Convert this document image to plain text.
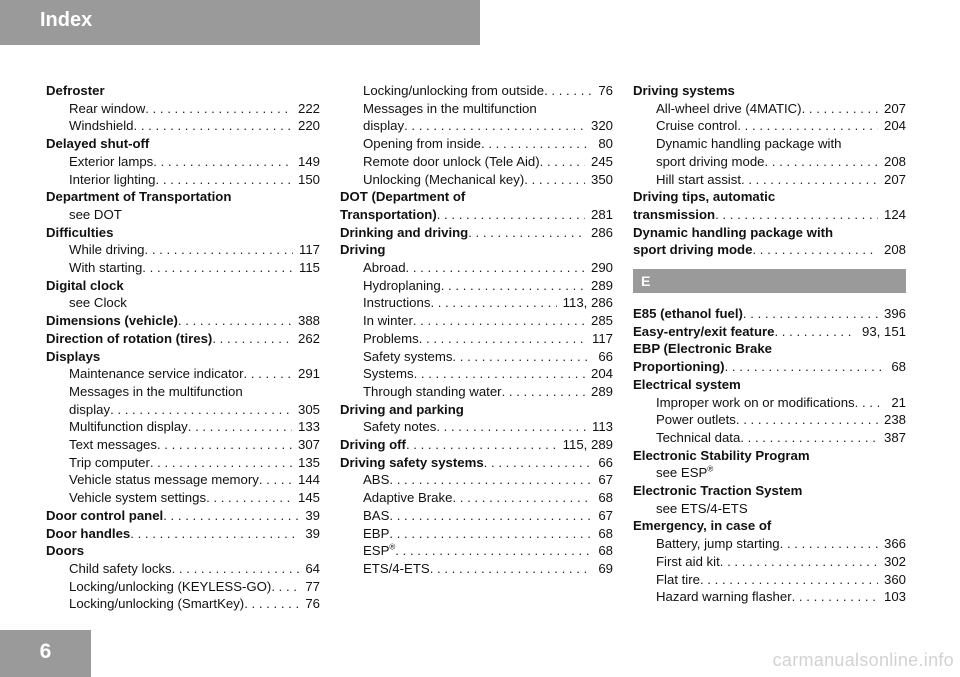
Index
Defroster
Rear window . . .	222
Windshield . . .	220
Delayed shut-off
Exterior lamps . . .	149
Interior lighting . . .	150
Department of Transportation
see DOT
Difficulties
While driving . . .	117
With starting . . .	115
Digital clock
see Clock
Dimensions (vehicle) . . .	388
Direction of rotation (tires) . . .	262
Displays
Maintenance service indicator . . .	291
Messages in the multifunction
display . . .	305
Multifunction display . . .	133
Text messages . . .	307
Trip computer . . .	135
Vehicle status message memory . . .	144
Vehicle system settings . . .	145
Door control panel . . .	39
Door handles . . .	39
Doors
Child safety locks . . .	64
Locking/unlocking (KEYLESS-GO) . . .	77
Locking/unlocking (SmartKey) . . .	76
Locking/unlocking from outside . . .	76
Messages in the multifunction
display . . .	320
Opening from inside . . .	80
Remote door unlock (Tele Aid) . . .	245
Unlocking (Mechanical key) . . .	350
DOT (Department of
Transportation) . . .	281
Drinking and driving . . .	286
Driving
Abroad . . .	290
Hydroplaning . . .	289
Instructions . . .	113, 286
In winter . . .	285
Problems . . .	117
Safety systems . . .	66
Systems . . .	204
Through standing water . . .	289
Driving and parking
Safety notes . . .	113
Driving off . . .	115, 289
Driving safety systems . . .	66
ABS . . .	67
Adaptive Brake . . .	68
BAS . . .	67
EBP . . .	68
ESP® . . .	68
ETS/4-ETS . . .	69
Driving systems
All-wheel drive (4MATIC) . . .	207
Cruise control . . .	204
Dynamic handling package with
sport driving mode . . .	208
Hill start assist . . .	207
Driving tips, automatic
transmission . . .	124
Dynamic handling package with
sport driving mode . . .	208
E
E85 (ethanol fuel) . . .	396
Easy-entry/exit feature . . .	93, 151
EBP (Electronic Brake
Proportioning) . . .	68
Electrical system
Improper work on or modifications . . .	21
Power outlets . . .	238
Technical data . . .	387
Electronic Stability Program
see ESP®
Electronic Traction System
see ETS/4-ETS
Emergency, in case of
Battery, jump starting . . .	366
First aid kit . . .	302
Flat tire . . .	360
Hazard warning flasher . . .	103
6	carmanualsonline.info
